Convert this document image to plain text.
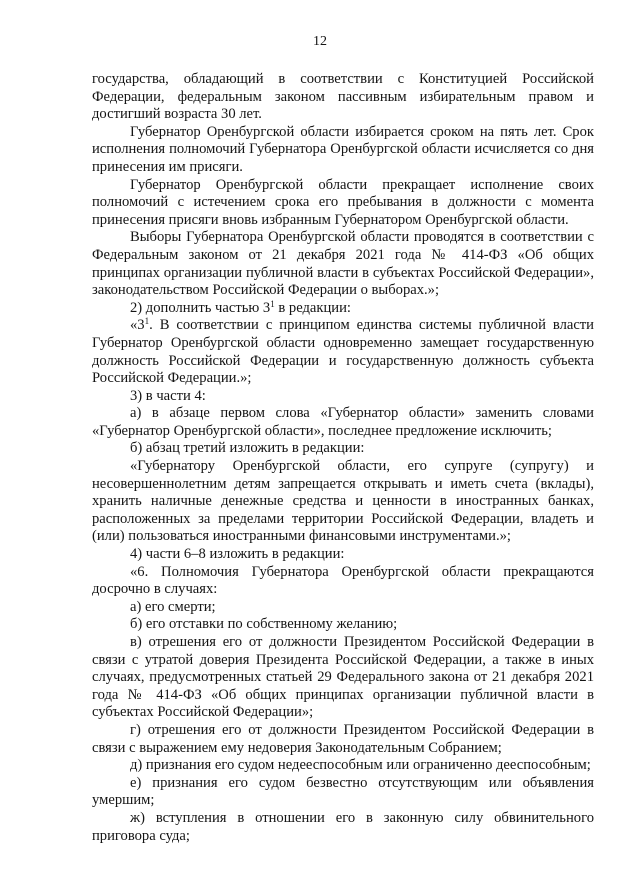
12

государства, обладающий в соответствии с Конституцией Российской Федерации, федеральным законом пассивным избирательным правом и достигший возраста 30 лет.

Губернатор Оренбургской области избирается сроком на пять лет. Срок исполнения полномочий Губернатора Оренбургской области исчисляется со дня принесения им присяги.

Губернатор Оренбургской области прекращает исполнение своих полномочий с истечением срока его пребывания в должности с момента принесения присяги вновь избранным Губернатором Оренбургской области.

Выборы Губернатора Оренбургской области проводятся в соответствии с Федеральным законом от 21 декабря 2021 года № 414-ФЗ «Об общих принципах организации публичной власти в субъектах Российской Федерации», законодательством Российской Федерации о выборах.»;

2) дополнить частью $3^1$ в редакции:

«$3^1$. В соответствии с принципом единства системы публичной власти Губернатор Оренбургской области одновременно замещает государственную должность Российской Федерации и государственную должность субъекта Российской Федерации.»;

3) в части 4:

а) в абзаце первом слова «Губернатор области» заменить словами «Губернатор Оренбургской области», последнее предложение исключить;

б) абзац третий изложить в редакции:

«Губернатору Оренбургской области, его супруге (супругу) и несовершеннолетним детям запрещается открывать и иметь счета (вклады), хранить наличные денежные средства и ценности в иностранных банках, расположенных за пределами территории Российской Федерации, владеть и (или) пользоваться иностранными финансовыми инструментами.»;

4) части 6–8 изложить в редакции:

«6. Полномочия Губернатора Оренбургской области прекращаются досрочно в случаях:

а) его смерти;

б) его отставки по собственному желанию;

в) отрешения его от должности Президентом Российской Федерации в связи с утратой доверия Президента Российской Федерации, а также в иных случаях, предусмотренных статьей 29 Федерального закона от 21 декабря 2021 года № 414-ФЗ «Об общих принципах организации публичной власти в субъектах Российской Федерации»;

г) отрешения его от должности Президентом Российской Федерации в связи с выражением ему недоверия Законодательным Собранием;

д) признания его судом недееспособным или ограниченно дееспособным;

е) признания его судом безвестно отсутствующим или объявления умершим;

ж) вступления в отношении его в законную силу обвинительного приговора суда;
